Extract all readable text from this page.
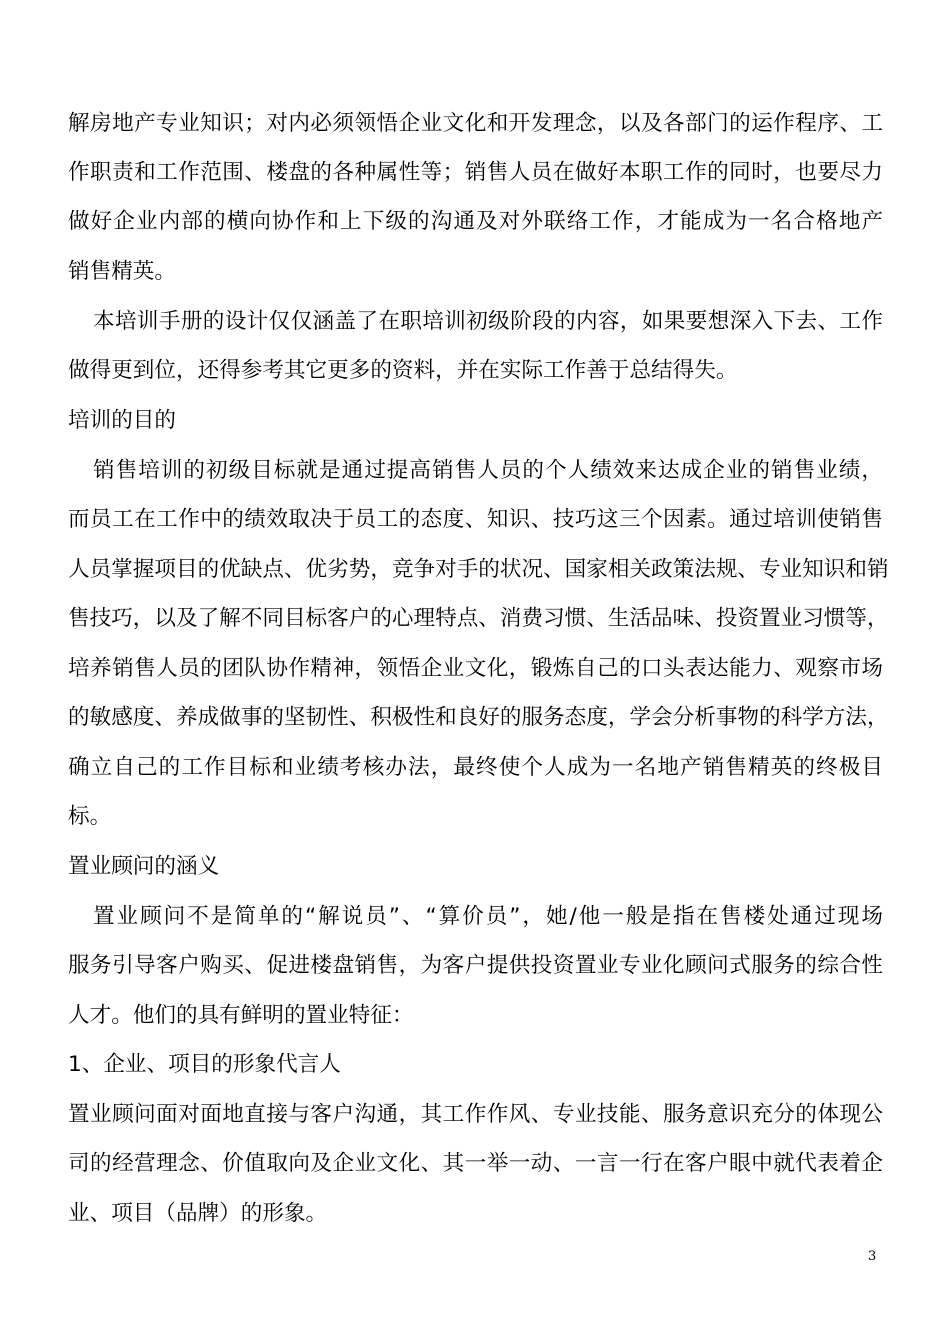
解房地产专业知识；对内必须领悟企业文化和开发理念，以及各部门的运作程序、工
作职责和工作范围、楼盘的各种属性等；销售人员在做好本职工作的同时，也要尽力
做好企业内部的横向协作和上下级的沟通及对外联络工作，才能成为一名合格地产
销售精英。
本培训手册的设计仅仅涵盖了在职培训初级阶段的内容，如果要想深入下去、工作
做得更到位，还得参考其它更多的资料，并在实际工作善于总结得失。
培训的目的
销售培训的初级目标就是通过提高销售人员的个人绩效来达成企业的销售业绩，
而员工在工作中的绩效取决于员工的态度、知识、技巧这三个因素。通过培训使销售
人员掌握项目的优缺点、优劣势，竞争对手的状况、国家相关政策法规、专业知识和销
售技巧，以及了解不同目标客户的心理特点、消费习惯、生活品味、投资置业习惯等，
培养销售人员的团队协作精神，领悟企业文化，锻炼自己的口头表达能力、观察市场
的敏感度、养成做事的坚韧性、积极性和良好的服务态度，学会分析事物的科学方法，
确立自己的工作目标和业绩考核办法，最终使个人成为一名地产销售精英的终极目
标。
置业顾问的涵义
置业顾问不是简单的“解说员”、“算价员”，她/他一般是指在售楼处通过现场
服务引导客户购买、促进楼盘销售，为客户提供投资置业专业化顾问式服务的综合性
人才。他们的具有鲜明的置业特征：
1、企业、项目的形象代言人
置业顾问面对面地直接与客户沟通，其工作作风、专业技能、服务意识充分的体现公
司的经营理念、价值取向及企业文化、其一举一动、一言一行在客户眼中就代表着企
业、项目（品牌）的形象。
3
